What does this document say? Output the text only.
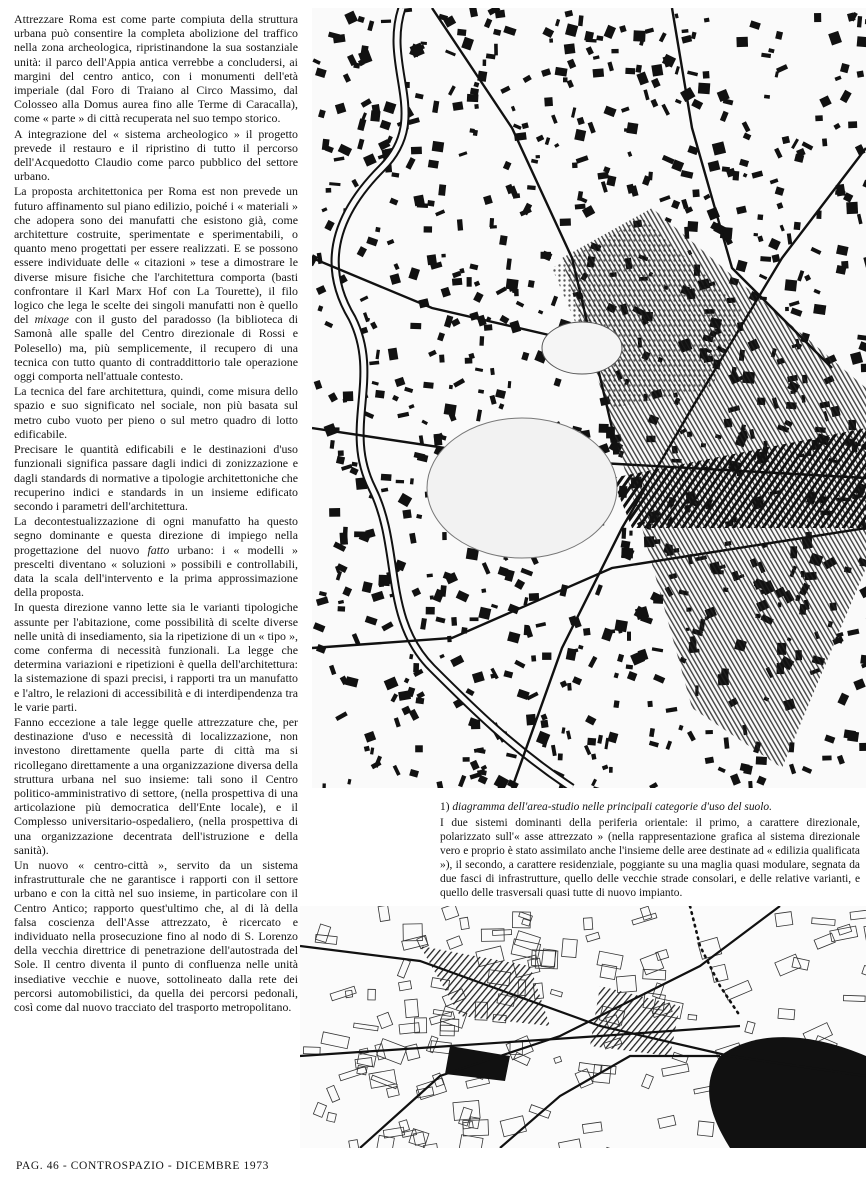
Attrezzare Roma est come parte compiuta della struttura urbana può consentire la completa abolizione del traffico nella zona archeologica, ripristinandone la sua sostanziale unità: il parco dell'Appia antica verrebbe a concludersi, ai margini del centro antico, con i monumenti dell'età imperiale (dal Foro di Traiano al Circo Massimo, dal Colosseo alla Domus aurea fino alle Terme di Caracalla), come « parte » di città recuperata nel suo tempo storico.

A integrazione del « sistema archeologico » il progetto prevede il restauro e il ripristino di tutto il percorso dell'Acquedotto Claudio come parco pubblico del settore urbano.

La proposta architettonica per Roma est non prevede un futuro affinamento sul piano edilizio, poiché i « materiali » che adopera sono dei manufatti che esistono già, come architetture costruite, sperimentate e sperimentabili, o quanto meno progettati per essere realizzati. E se possono essere individuate delle « citazioni » tese a dimostrare le diverse misure fisiche che l'architettura comporta (basti confrontare il Karl Marx Hof con La Tourette), il filo logico che lega le scelte dei singoli manufatti non è quello del mixage con il gusto del paradosso (la biblioteca di Samonà alle spalle del Centro direzionale di Rossi e Polesello) ma, più semplicemente, il recupero di una tecnica con tutto quanto di contraddittorio tale operazione oggi comporta nell'attuale contesto.

La tecnica del fare architettura, quindi, come misura dello spazio e suo significato nel sociale, non più basata sul metro cubo vuoto per pieno o sul metro quadro di lotto edificabile.

Precisare le quantità edificabili e le destinazioni d'uso funzionali significa passare dagli indici di zonizzazione e dagli standards di normative a tipologie architettoniche che recuperino indici e standards in un insieme edificato secondo i parametri dell'architettura.

La decontestualizzazione di ogni manufatto ha questo segno dominante e questa direzione di impiego nella progettazione del nuovo fatto urbano: i « modelli » prescelti diventano « soluzioni » possibili e controllabili, data la scala dell'intervento e la prima approssimazione della proposta.

In questa direzione vanno lette sia le varianti tipologiche assunte per l'abitazione, come possibilità di scelte diverse nelle unità di insediamento, sia la ripetizione di un « tipo », come conferma di necessità funzionali. La legge che determina variazioni e ripetizioni è quella dell'architettura: la sistemazione di spazi precisi, i rapporti tra un manufatto e l'altro, le relazioni di accessibilità e di interdipendenza tra le varie parti.

Fanno eccezione a tale legge quelle attrezzature che, per destinazione d'uso e necessità di localizzazione, non investono direttamente quella parte di città ma si ricollegano direttamente a una organizzazione diversa della struttura urbana nel suo insieme: tali sono il Centro politico-amministrativo di settore, (nella prospettiva di una articolazione più democratica dell'Ente locale), e il Complesso universitario-ospedaliero, (nella prospettiva di una organizzazione decentrata dell'istruzione e della sanità).

Un nuovo « centro-città », servito da un sistema infrastrutturale che ne garantisce i rapporti con il settore urbano e con la città nel suo insieme, in particolare con il Centro Antico; rapporto quest'ultimo che, al di là della falsa coscienza dell'Asse attrezzato, è ricercato e individuato nella prosecuzione fino al nodo di S. Lorenzo della vecchia direttrice di penetrazione dell'autostrada del Sole. Il centro diventa il punto di confluenza nelle unità insediative vecchie e nuove, sottolineato dalla rete dei percorsi automobilistici, da quella dei percorsi pedonali, così come dal nuovo tracciato del trasporto metropolitano.

1) diagramma dell'area-studio nelle principali categorie d'uso del suolo.
I due sistemi dominanti della periferia orientale: il primo, a carattere direzionale, polarizzato sull'« asse attrezzato » (nella rappresentazione grafica al sistema direzionale vero e proprio è stato assimilato anche l'insieme delle aree destinate ad « edilizia qualificata »), il secondo, a carattere residenziale, poggiante su una maglia quasi modulare, segnata da due fasci di infrastrutture, quello delle vecchie strade consolari, e delle relative varianti, e quello delle trasversali quasi tutte di nuovo impianto.
PAG. 46 - CONTROSPAZIO - DICEMBRE 1973
